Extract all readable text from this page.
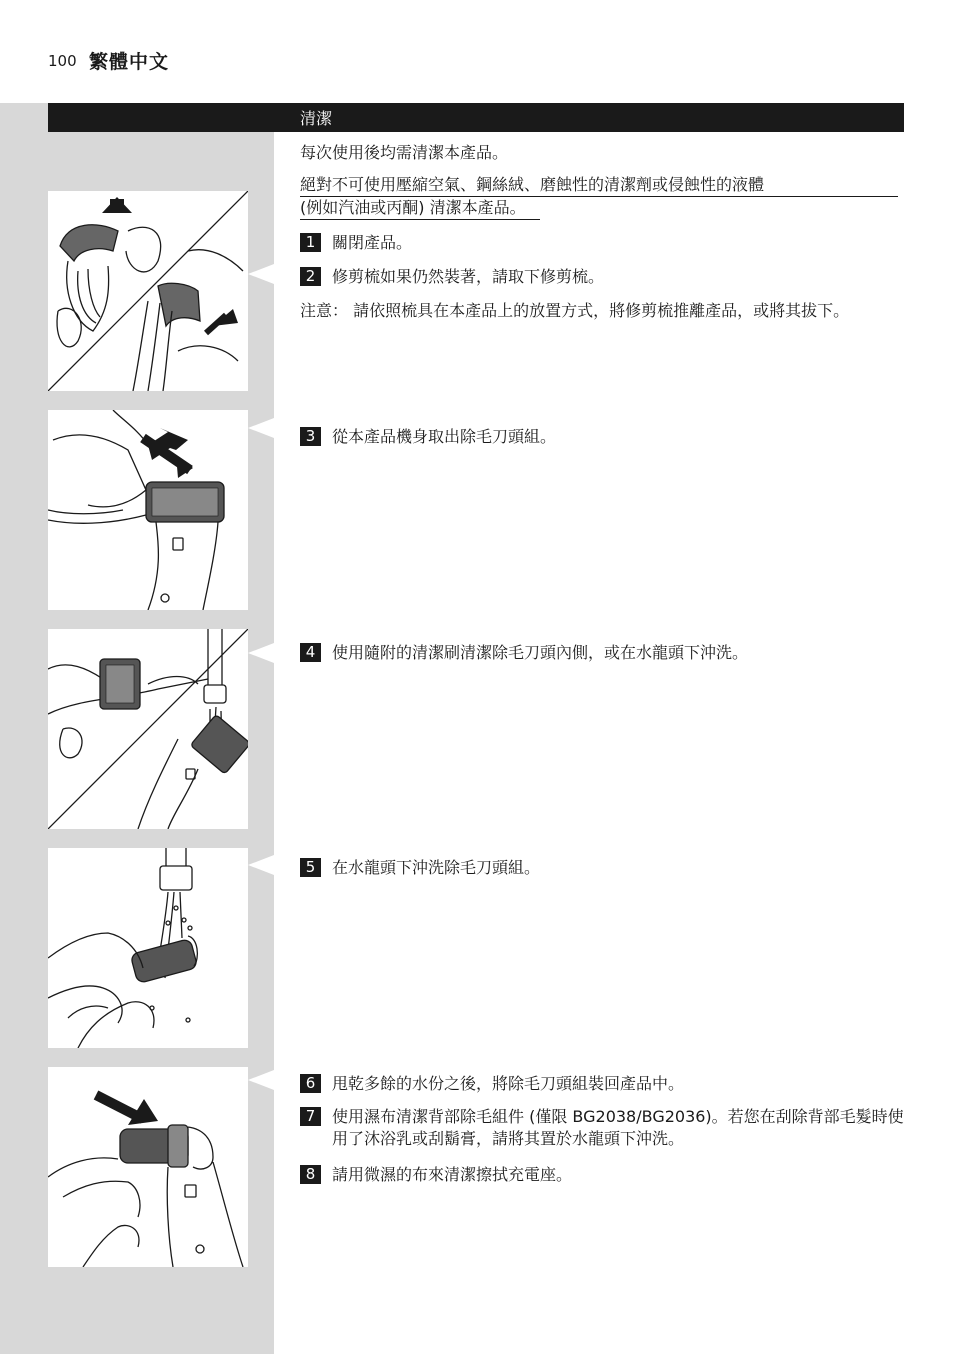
100 繁體中文
清潔
每次使用後均需清潔本產品。
絕對不可使用壓縮空氣、鋼絲絨、磨蝕性的清潔劑或侵蝕性的液體
(例如汽油或丙酮) 清潔本產品。
1	關閉產品。
2	修剪梳如果仍然裝著，請取下修剪梳。
注意： 請依照梳具在本產品上的放置方式，將修剪梳推離產品，或將其拔下。
3	從本產品機身取出除毛刀頭組。
4	使用隨附的清潔刷清潔除毛刀頭內側，或在水龍頭下沖洗。
5	在水龍頭下沖洗除毛刀頭組。
6	甩乾多餘的水份之後，將除毛刀頭組裝回產品中。
7	使用濕布清潔背部除毛組件 (僅限 BG2038/BG2036)。若您在刮除背部毛髮時使用了沐浴乳或刮鬍膏，請將其置於水龍頭下沖洗。
8	請用微濕的布來清潔擦拭充電座。
